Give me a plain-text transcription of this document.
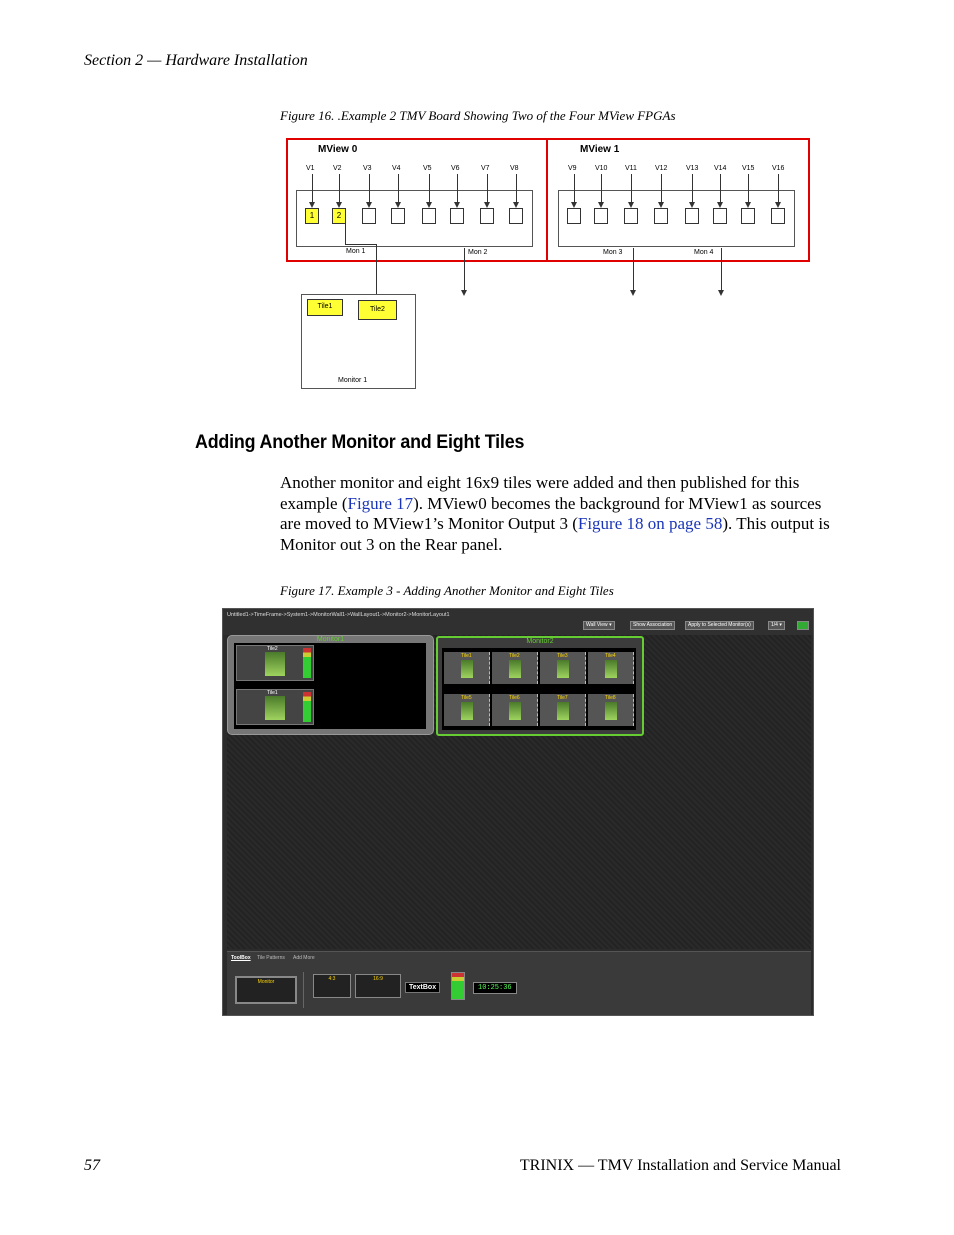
Section 2 — Hardware Installation
Figure 16. .Example 2 TMV Board Showing Two of the Four MView FPGAs
MView 0	MView 1
V1
1
V2
2
V3	V4	V5	V6	V7	V8	V9	V10	V11	V12	V13 V14 V15	V16
Mon 1	Mon 2	Mon 3	Mon 4
Tile1	Tile2
Monitor 1
Adding Another Monitor and Eight Tiles
Another monitor and eight 16x9 tiles were added and then published for this example (Figure 17). MView0 becomes the background for MView1 as sources are moved to MView1’s Monitor Output 3 (Figure 18 on page 58). This output is Monitor out 3 on the Rear panel.
Figure 17. Example 3 - Adding Another Monitor and Eight Tiles
Untitled1->TimeFrame->System1->MonitorWall1->WallLayout1->Monitor2->MonitorLayout1
Wall View ▾	Show Association	Apply to Selected Monitor(s)	1/4 ▾
Monitor1
Tile2
Tile1
Monitor2
Tile1	Tile2	Tile3	Tile4
Tile5	Tile6	Tile7	Tile8
ToolBox	Tile Patterns	Add More
Monitor	4:3	16:9
TextBox	10:25:36
57	TRINIX — TMV Installation and Service Manual
